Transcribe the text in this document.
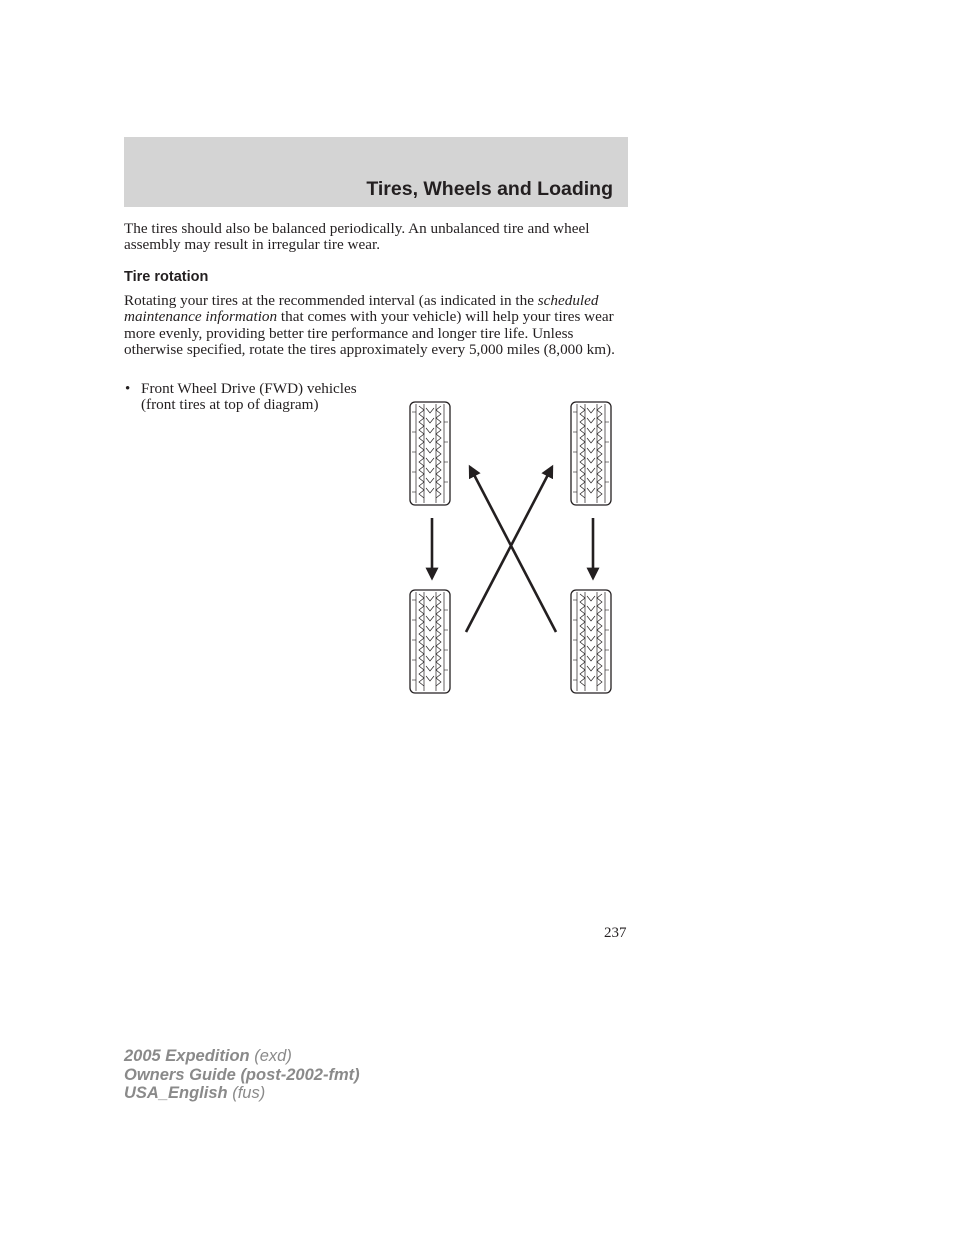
Tires, Wheels and Loading

The tires should also be balanced periodically. An unbalanced tire and wheel assembly may result in irregular tire wear.

Tire rotation

Rotating your tires at the recommended interval (as indicated in the scheduled maintenance information that comes with your vehicle) will help your tires wear more evenly, providing better tire performance and longer tire life. Unless otherwise specified, rotate the tires approximately every 5,000 miles (8,000 km).

• Front Wheel Drive (FWD) vehicles (front tires at top of diagram)
237
2005 Expedition (exd)
Owners Guide (post-2002-fmt)
USA_English (fus)
